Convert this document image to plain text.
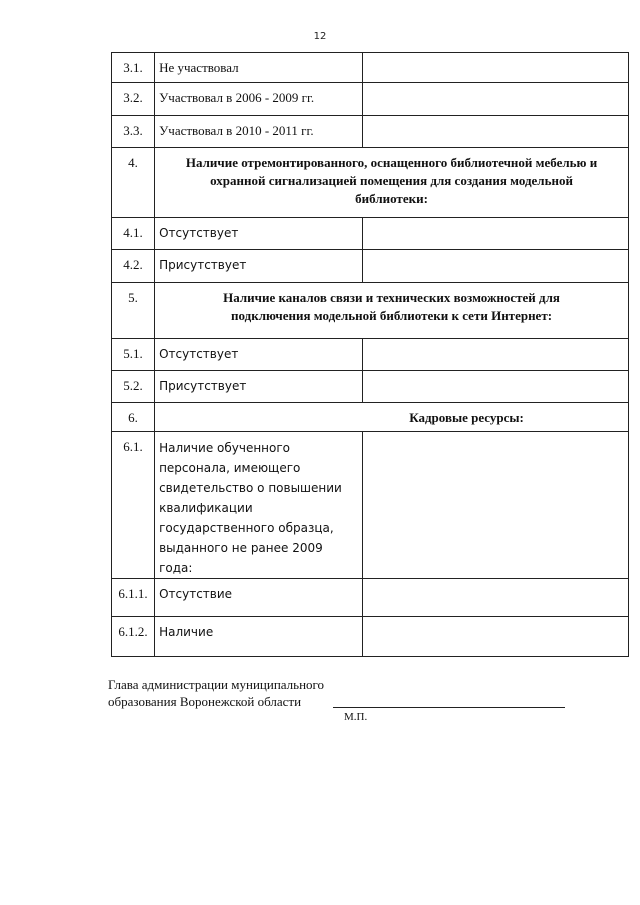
12
3.1.	Не участвовал	
3.2.	Участвовал в 2006 - 2009 гг.	
3.3.	Участвовал в 2010 - 2011 гг.	
4.	Наличие отремонтированного, оснащенного библиотечной мебелью и охранной сигнализацией помещения для создания модельной библиотеки:	
4.1.	Отсутствует	
4.2.	Присутствует	
5.	Наличие каналов связи и технических возможностей для подключения модельной библиотеки к сети Интернет:	
5.1.	Отсутствует	
5.2.	Присутствует	
6.	Кадровые ресурсы:	
6.1.	Наличие обученного персонала, имеющего свидетельство о повышении квалификации государственного образца, выданного не ранее 2009 года:	
6.1.1.	Отсутствие	
6.1.2.	Наличие	
Глава администрации муниципального
образования Воронежской области
М.П.
